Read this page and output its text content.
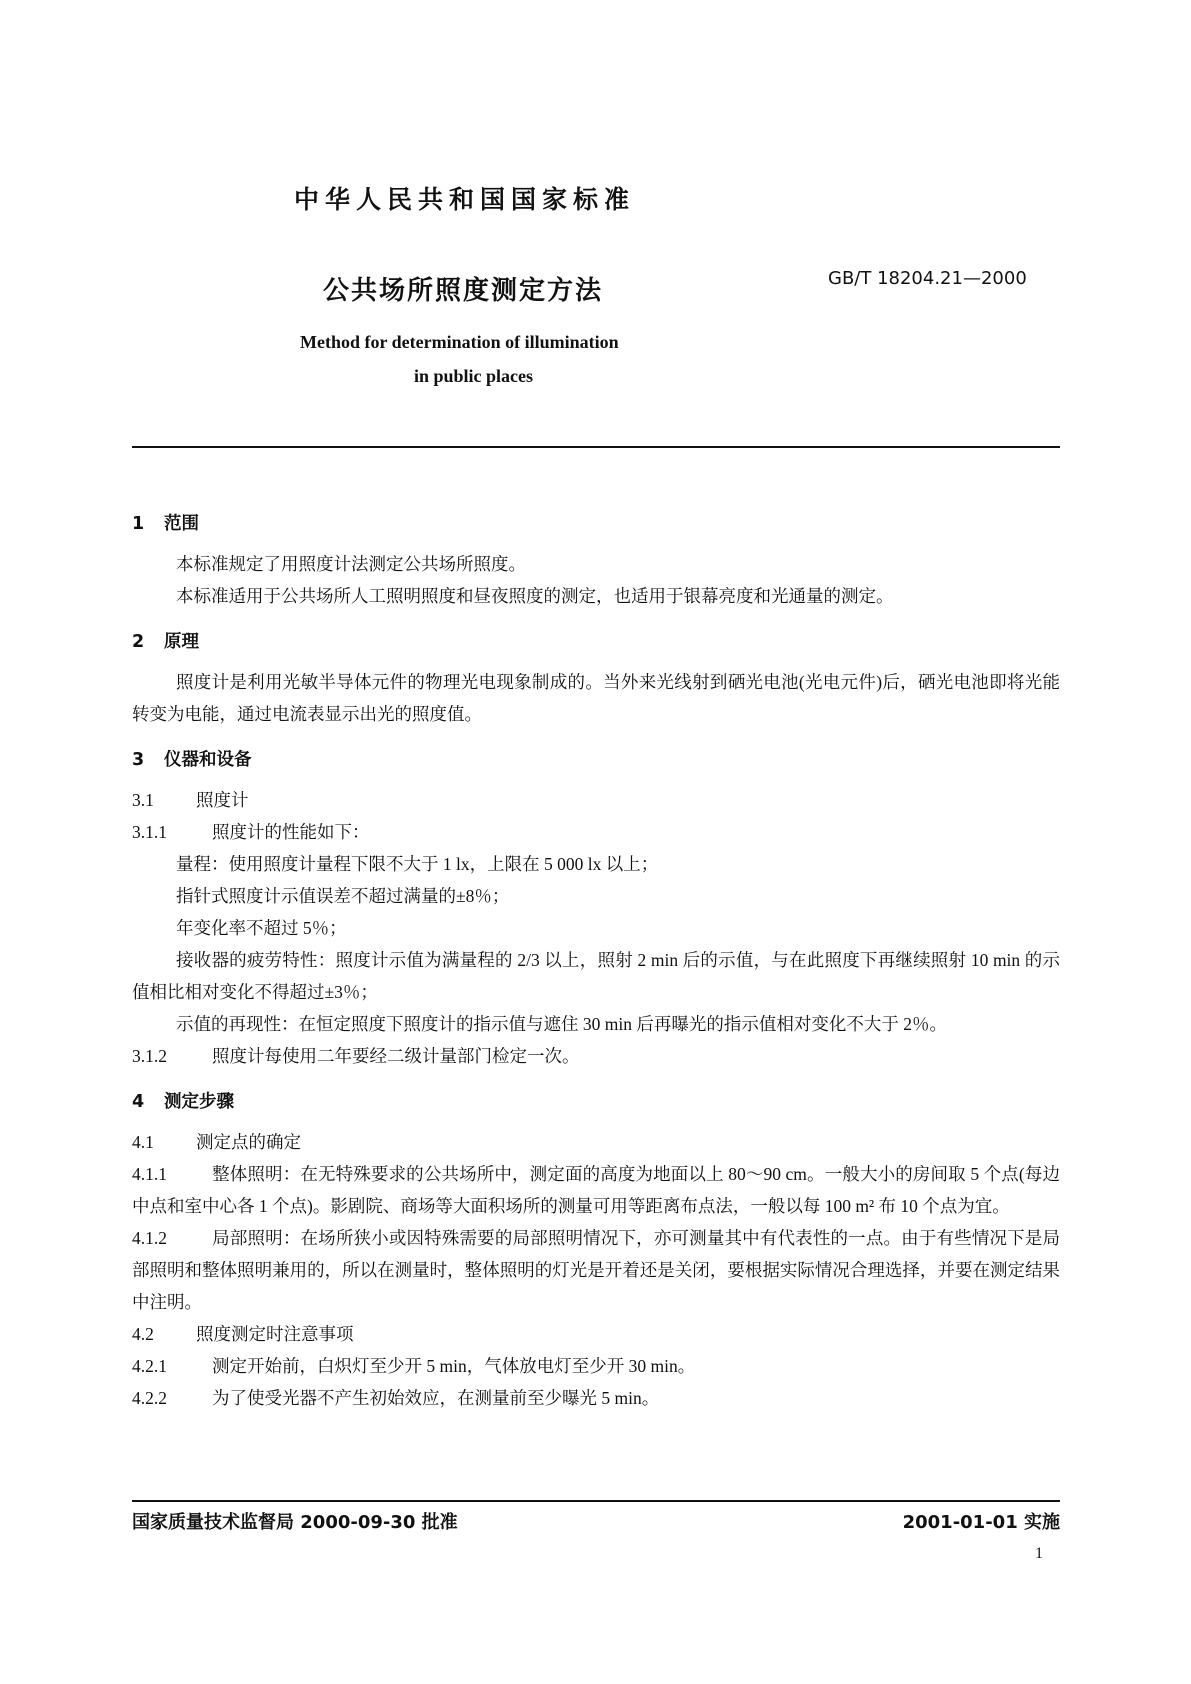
中华人民共和国国家标准
公共场所照度测定方法	GB/T 18204.21—2000
Method for determination of illumination
in public places
1 范围

本标准规定了用照度计法测定公共场所照度。

本标准适用于公共场所人工照明照度和昼夜照度的测定，也适用于银幕亮度和光通量的测定。

2 原理

照度计是利用光敏半导体元件的物理光电现象制成的。当外来光线射到硒光电池(光电元件)后，硒光电池即将光能转变为电能，通过电流表显示出光的照度值。

3 仪器和设备

3.1 照度计

3.1.1	照度计的性能如下：

量程：使用照度计量程下限不大于 1 lx，上限在 5 000 lx 以上；

指针式照度计示值误差不超过满量的±8％；

年变化率不超过 5％；

接收器的疲劳特性：照度计示值为满量程的 2/3 以上，照射 2 min 后的示值，与在此照度下再继续照射 10 min 的示值相比相对变化不得超过±3％；

示值的再现性：在恒定照度下照度计的指示值与遮住 30 min 后再曝光的指示值相对变化不大于 2％。

3.1.2	照度计每使用二年要经二级计量部门检定一次。

4 测定步骤

4.1 测定点的确定

4.1.1	整体照明：在无特殊要求的公共场所中，测定面的高度为地面以上 80～90 cm。一般大小的房间取 5 个点(每边中点和室中心各 1 个点)。影剧院、商场等大面积场所的测量可用等距离布点法，一般以每 100 m² 布 10 个点为宜。

4.1.2	局部照明：在场所狭小或因特殊需要的局部照明情况下，亦可测量其中有代表性的一点。由于有些情况下是局部照明和整体照明兼用的，所以在测量时，整体照明的灯光是开着还是关闭，要根据实际情况合理选择，并要在测定结果中注明。

4.2 照度测定时注意事项

4.2.1	测定开始前，白炽灯至少开 5 min，气体放电灯至少开 30 min。

4.2.2	为了使受光器不产生初始效应，在测量前至少曝光 5 min。

国家质量技术监督局 2000-09-30 批准	2001-01-01 实施
1
